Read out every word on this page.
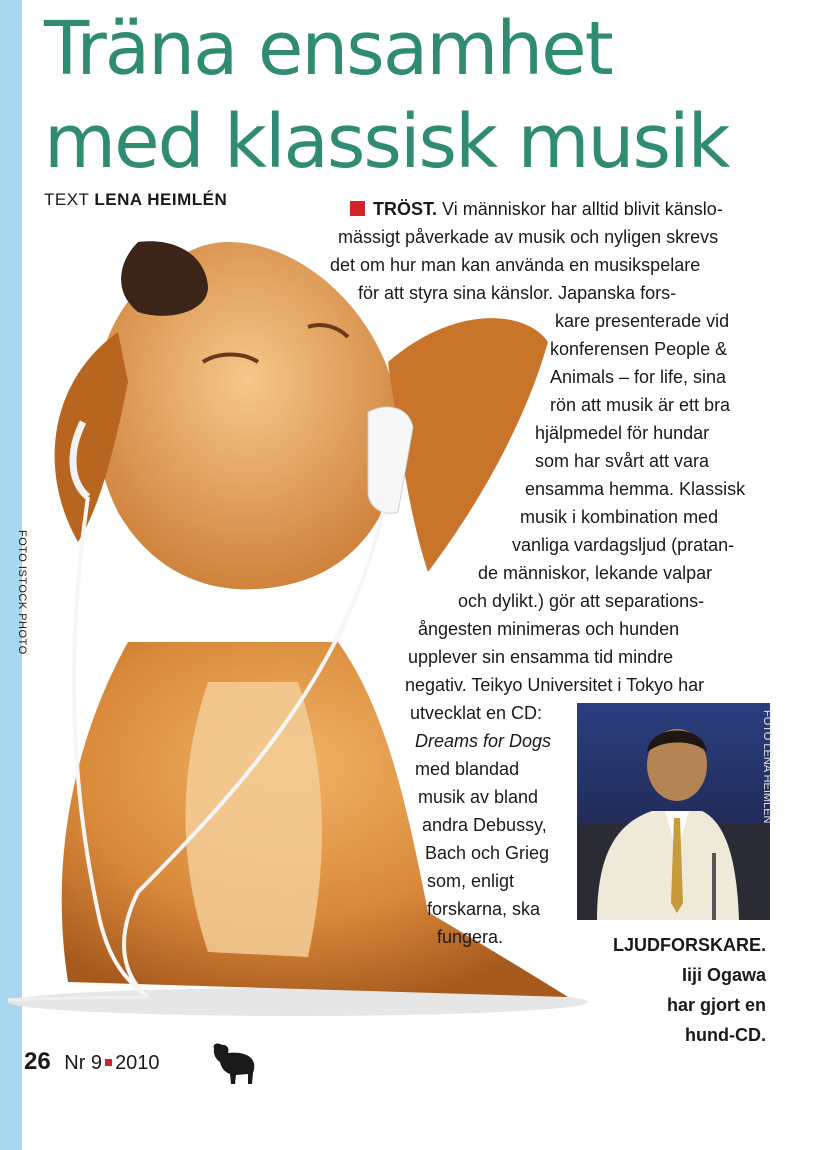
Träna ensamhet
med klassisk musik
TEXT LENA HEIMLÉN
FOTO ISTOCK PHOTO
FOTO LENA HEIMLÉN
TRÖST. Vi människor har alltid blivit känslo-
mässigt påverkade av musik och nyligen skrevs
det om hur man kan använda en musikspelare
för att styra sina känslor. Japanska fors-
kare presenterade vid
konferensen People &
Animals – for life, sina
rön att musik är ett bra
hjälpmedel för hundar
som har svårt att vara
ensamma hemma. Klassisk
musik i kombination med
vanliga vardagsljud (pratan-
de människor, lekande valpar
och dylikt.) gör att separations-
ångesten minimeras och hunden
upplever sin ensamma tid mindre
negativ. Teikyo Universitet i Tokyo har
utvecklat en CD:
Dreams for Dogs
med blandad
musik av bland
andra Debussy,
Bach och Grieg
som, enligt
forskarna, ska
fungera.	LJUDFORSKARE.
Iiji Ogawa
har gjort en
hund-CD.
26 Nr 9 2010
